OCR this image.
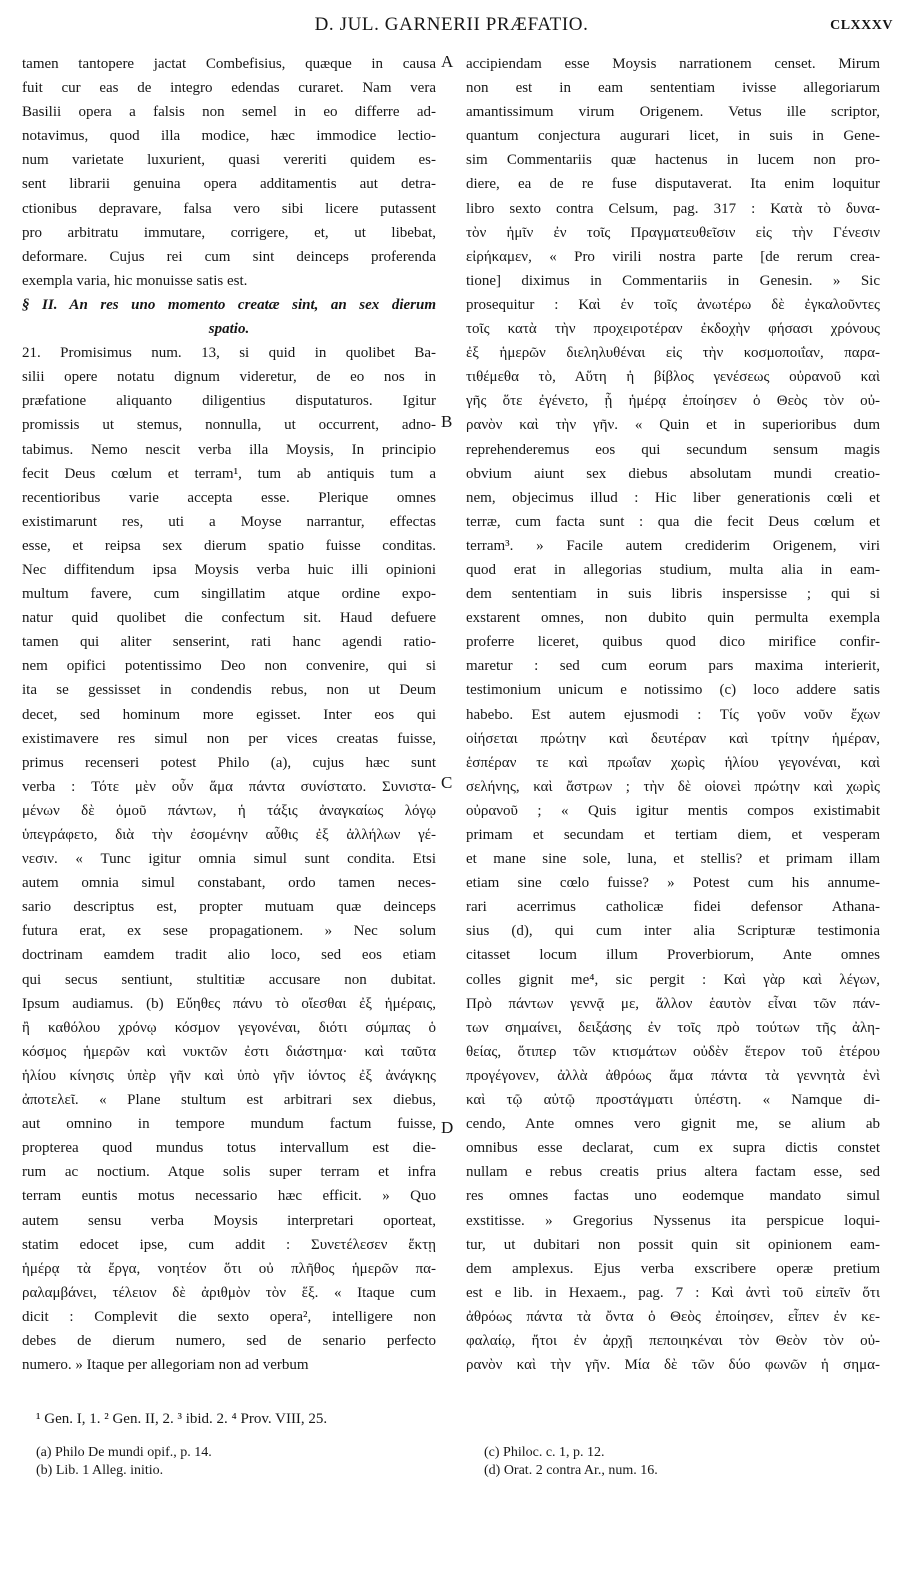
D. JUL. GARNERII PRÆFATIO.	CLXXXV
tamen tantopere jactat Combefisius, quæque in causa
fuit cur eas de integro edendas curaret. Nam vera
Basilii opera a falsis non semel in eo differre ad-
notavimus, quod illa modice, hæc immodice lectio-
num varietate luxurient, quasi vereriti quidem es-
sent librarii genuina opera additamentis aut detra-
ctionibus depravare, falsa vero sibi licere putassent
pro arbitratu immutare, corrigere, et, ut libebat,
deformare. Cujus rei cum sint deinceps proferenda
exempla varia, hic monuisse satis est.
§ II. An res uno momento creatæ sint, an sex dierum
spatio.
21. Promisimus num. 13, si quid in quolibet Ba-
silii opere notatu dignum videretur, de eo nos in
præfatione aliquanto diligentius disputaturos. Igitur
promissis ut stemus, nonnulla, ut occurrent, adno-
tabimus. Nemo nescit verba illa Moysis, In principio
fecit Deus cœlum et terram¹, tum ab antiquis tum a
recentioribus varie accepta esse. Plerique omnes
existimarunt res, uti a Moyse narrantur, effectas
esse, et reipsa sex dierum spatio fuisse conditas.
Nec diffitendum ipsa Moysis verba huic illi opinioni
multum favere, cum singillatim atque ordine expo-
natur quid quolibet die confectum sit. Haud defuere
tamen qui aliter senserint, rati hanc agendi ratio-
nem opifici potentissimo Deo non convenire, qui si
ita se gessisset in condendis rebus, non ut Deum
decet, sed hominum more egisset. Inter eos qui
existimavere res simul non per vices creatas fuisse,
primus recenseri potest Philo (a), cujus hæc sunt
verba : Τότε μὲν οὖν ἅμα πάντα συνίστατο. Συνιστα-
μένων δὲ ὁμοῦ πάντων, ἡ τάξις ἀναγκαίως λόγῳ
ὑπεγράφετο, διὰ τὴν ἐσομένην αὖθις ἐξ ἀλλήλων γέ-
νεσιν. « Tunc igitur omnia simul sunt condita. Etsi
autem omnia simul constabant, ordo tamen neces-
sario descriptus est, propter mutuam quæ deinceps
futura erat, ex sese propagationem. » Nec solum
doctrinam eamdem tradit alio loco, sed eos etiam
qui secus sentiunt, stultitiæ accusare non dubitat.
Ipsum audiamus. (b) Εὔηθες πάνυ τὸ οἴεσθαι ἐξ ἡμέραις,
ἢ καθόλου χρόνῳ κόσμον γεγονέναι, διότι σύμπας ὁ
κόσμος ἡμερῶν καὶ νυκτῶν ἐστι διάστημα· καὶ ταῦτα
ἡλίου κίνησις ὑπὲρ γῆν καὶ ὑπὸ γῆν ἰόντος ἐξ ἀνάγκης
ἀποτελεῖ. « Plane stultum est arbitrari sex diebus,
aut omnino in tempore mundum factum fuisse,
propterea quod mundus totus intervallum est die-
rum ac noctium. Atque solis super terram et infra
terram euntis motus necessario hæc efficit. » Quo
autem sensu verba Moysis interpretari oporteat,
statim edocet ipse, cum addit : Συνετέλεσεν ἕκτῃ
ἡμέρᾳ τὰ ἔργα, νοητέον ὅτι οὐ πλῆθος ἡμερῶν πα-
ραλαμβάνει, τέλειον δὲ ἀριθμὸν τὸν ἕξ. « Itaque cum
dicit : Complevit die sexto opera², intelligere non
debes de dierum numero, sed de senario perfecto
numero. » Itaque per allegoriam non ad verbum
accipiendam esse Moysis narrationem censet. Mirum
non est in eam sententiam ivisse allegoriarum
amantissimum virum Origenem. Vetus ille scriptor,
quantum conjectura augurari licet, in suis in Gene-
sim Commentariis quæ hactenus in lucem non pro-
diere, ea de re fuse disputaverat. Ita enim loquitur
libro sexto contra Celsum, pag. 317 : Κατὰ τὸ δυνα-
τὸν ἡμῖν ἐν τοῖς Πραγματευθεῖσιν εἰς τὴν Γένεσιν
εἰρήκαμεν, « Pro virili nostra parte [de rerum crea-
tione] diximus in Commentariis in Genesin. » Sic
prosequitur : Καὶ ἐν τοῖς ἀνωτέρω δὲ ἐγκαλοῦντες
τοῖς κατὰ τὴν προχειροτέραν ἐκδοχὴν φήσασι χρόνους
ἐξ ἡμερῶν διεληλυθέναι εἰς τὴν κοσμοποιΐαν, παρα-
τιθέμεθα τὸ, Αὕτη ἡ βίβλος γενέσεως οὐρανοῦ καὶ
γῆς ὅτε ἐγένετο, ᾗ ἡμέρᾳ ἐποίησεν ὁ Θεὸς τὸν οὐ-
ρανὸν καὶ τὴν γῆν. « Quin et in superioribus dum
reprehenderemus eos qui secundum sensum magis
obvium aiunt sex diebus absolutam mundi creatio-
nem, objecimus illud : Hic liber generationis cœli et
terræ, cum facta sunt : qua die fecit Deus cœlum et
terram³. » Facile autem crediderim Origenem, viri
quod erat in allegorias studium, multa alia in eam-
dem sententiam in suis libris inspersisse ; qui si
exstarent omnes, non dubito quin permulta exempla
proferre liceret, quibus quod dico mirifice confir-
maretur : sed cum eorum pars maxima interierit,
testimonium unicum e notissimo (c) loco addere satis
habebo. Est autem ejusmodi : Τίς γοῦν νοῦν ἔχων
οἰήσεται πρώτην καὶ δευτέραν καὶ τρίτην ἡμέραν,
ἑσπέραν τε καὶ πρωΐαν χωρὶς ἡλίου γεγονέναι, καὶ
σελήνης, καὶ ἄστρων ; τὴν δὲ οἱονεὶ πρώτην καὶ χωρὶς
οὐρανοῦ ; « Quis igitur mentis compos existimabit
primam et secundam et tertiam diem, et vesperam
et mane sine sole, luna, et stellis? et primam illam
etiam sine cœlo fuisse? » Potest cum his annume-
rari acerrimus catholicæ fidei defensor Athana-
sius (d), qui cum inter alia Scripturæ testimonia
citasset locum illum Proverbiorum, Ante omnes
colles gignit me⁴, sic pergit : Καὶ γὰρ καὶ λέγων,
Πρὸ πάντων γεννᾷ με, ἄλλον ἑαυτὸν εἶναι τῶν πάν-
των σημαίνει, δειξάσης ἐν τοῖς πρὸ τούτων τῆς ἀλη-
θείας, ὅτιπερ τῶν κτισμάτων οὐδὲν ἕτερον τοῦ ἑτέρου
προγέγονεν, ἀλλὰ ἀθρόως ἅμα πάντα τὰ γεννητὰ ἑνὶ
καὶ τῷ αὐτῷ προστάγματι ὑπέστη. « Namque di-
cendo, Ante omnes vero gignit me, se alium ab
omnibus esse declarat, cum ex supra dictis constet
nullam e rebus creatis prius altera factam esse, sed
res omnes factas uno eodemque mandato simul
exstitisse. » Gregorius Nyssenus ita perspicue loqui-
tur, ut dubitari non possit quin sit opinionem eam-
dem amplexus. Ejus verba exscribere operæ pretium
est e lib. in Hexaem., pag. 7 : Καὶ ἀντὶ τοῦ εἰπεῖν ὅτι
ἀθρόως πάντα τὰ ὄντα ὁ Θεὸς ἐποίησεν, εἶπεν ἐν κε-
φαλαίῳ, ἤτοι ἐν ἀρχῇ πεποιηκέναι τὸν Θεὸν τὸν οὐ-
ρανὸν καὶ τὴν γῆν. Μία δὲ τῶν δύο φωνῶν ἡ σημα-
A
B
C
D
¹ Gen. I, 1. ² Gen. II, 2. ³ ibid. 2. ⁴ Prov. VIII, 25.
(a) Philo De mundi opif., p. 14.
(b) Lib. 1 Alleg. initio.
(c) Philoc. c. 1, p. 12.
(d) Orat. 2 contra Ar., num. 16.
